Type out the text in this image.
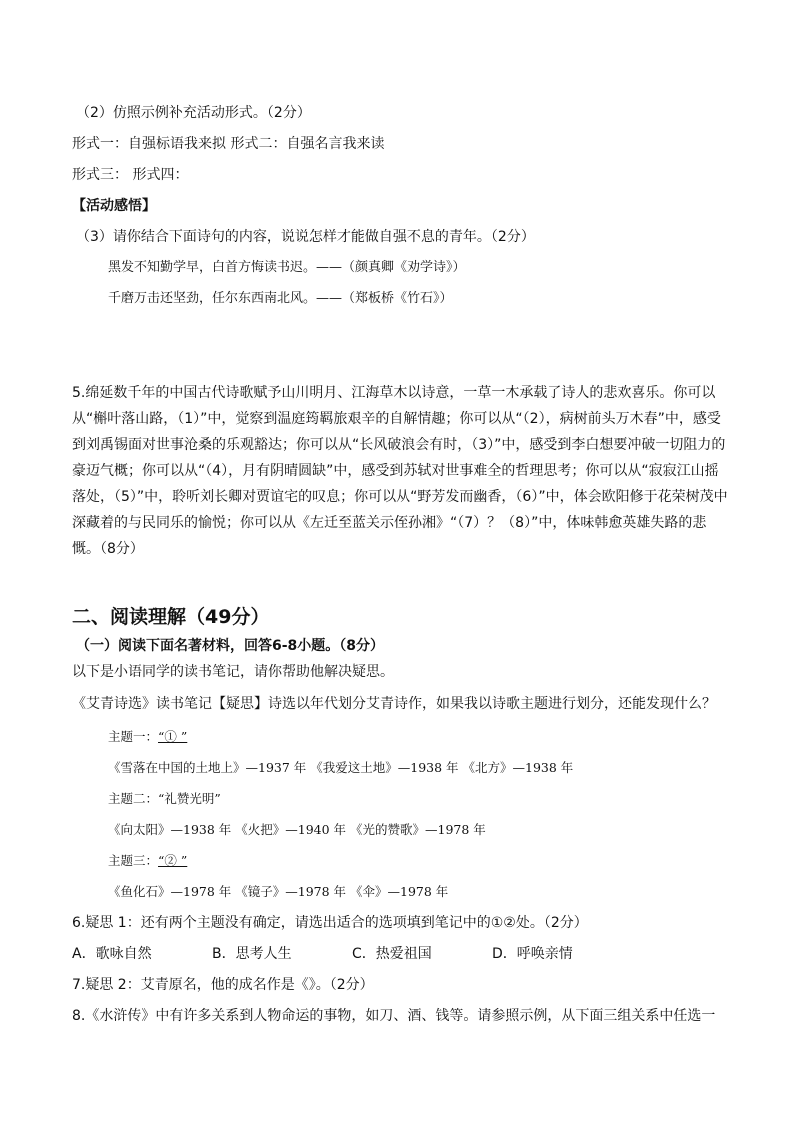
（2）仿照示例补充活动形式。（2分）
形式一：自强标语我来拟 形式二：自强名言我来读
形式三： 形式四：
【活动感悟】
（3）请你结合下面诗句的内容，说说怎样才能做自强不息的青年。（2分）
黑发不知勤学早，白首方悔读书迟。——（颜真卿《劝学诗》）
千磨万击还坚劲，任尔东西南北风。——（郑板桥《竹石》）
5.绵延数千年的中国古代诗歌赋予山川明月、江海草木以诗意，一草一木承载了诗人的悲欢喜乐。你可以从“槲叶落山路，（1）”中，觉察到温庭筠羁旅艰辛的自解情趣；你可以从“（2），病树前头万木春”中，感受到刘禹锡面对世事沧桑的乐观豁达；你可以从“长风破浪会有时，（3）”中，感受到李白想要冲破一切阻力的豪迈气概；你可以从“（4），月有阴晴圆缺”中，感受到苏轼对世事难全的哲理思考；你可以从“寂寂江山摇落处，（5）”中，聆听刘长卿对贾谊宅的叹息；你可以从“野芳发而幽香，（6）”中，体会欧阳修于花荣树茂中深藏着的与民同乐的愉悦；你可以从《左迁至蓝关示侄孙湘》“（7）？（8）”中，体味韩愈英雄失路的悲慨。（8分）
二、阅读理解（49分）
（一）阅读下面名著材料，回答6-8小题。（8分）
以下是小语同学的读书笔记，请你帮助他解决疑思。
《艾青诗选》读书笔记【疑思】诗选以年代划分艾青诗作，如果我以诗歌主题进行划分，还能发现什么？
主题一：“① ”
《雪落在中国的土地上》—1937 年 《我爱这土地》—1938 年 《北方》—1938 年
主题二：“礼赞光明”
《向太阳》—1938 年 《火把》—1940 年 《光的赞歌》—1978 年
主题三：“② ”
《鱼化石》—1978 年 《镜子》—1978 年 《伞》—1978 年
6.疑思 1：还有两个主题没有确定，请选出适合的选项填到笔记中的①②处。（2分）
A．歌咏自然	B．思考人生	C．热爱祖国	D．呼唤亲情
7.疑思 2：艾青原名，他的成名作是《》。（2分）
8.《水浒传》中有许多关系到人物命运的事物，如刀、酒、钱等。请参照示例，从下面三组关系中任选一
